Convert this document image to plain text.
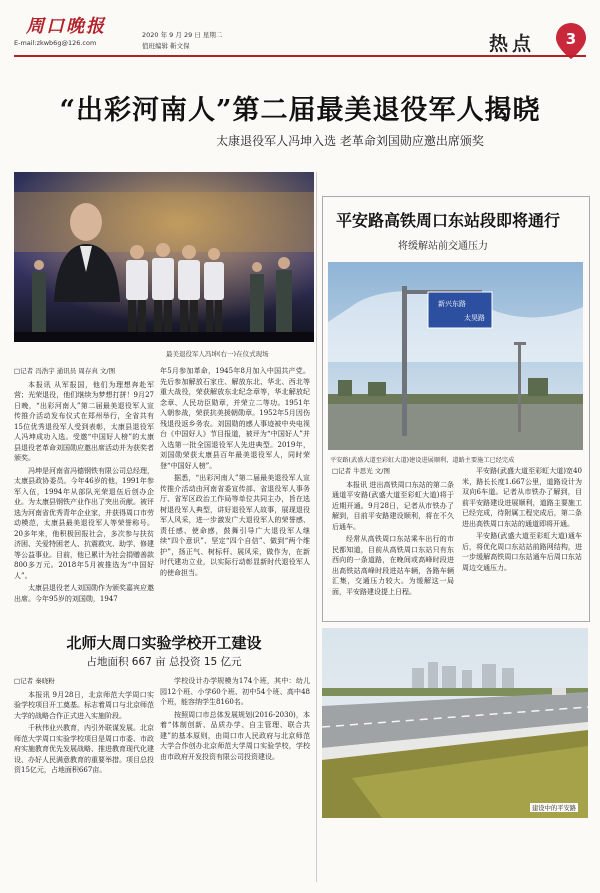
周口晚报
E-mail:zkwb6g@126.com
2020 年 9 月 29 日 星期二
值班编辑 靳文保	热点 3
“出彩河南人”第二届最美退役军人揭晓
太康退役军人冯坤入选 老革命刘国勋应邀出席颁奖
最美退役军人冯坤(右一)在仪式现场
□记者 冯浩宇 通讯员 周存真 文/图

本报讯 从军报国，他们为理想奔赴军营；光荣退役，他们继续为梦想打拼！9月27日晚，“出彩河南人”第二届最美退役军人宣传推介活动发布仪式在郑州举行，全省共有15位优秀退役军人受到表彰，太康县退役军人冯坤成功入选。受邀“中国好人榜”的太康县退役老革命刘国勋应邀出席活动并为获奖者颁奖。

冯坤是河南省冯德钢铁有限公司总经理，太康县政协委员。今年46岁的他，1991年参军入伍，1994年从部队光荣退伍后创办企业。为太康县钢铁产业作出了突出贡献。被评选为河南省优秀青年企业家，并获得周口市劳动模范，太康县最美退役军人等荣誉称号。20多年来，他积极回报社会，多次参与扶贫济困、关爱特困老人、抗震救灾、助学、修建等公益事业。目前，他已累计为社会捐赠善款800多万元。2018年5月被推选为“中国好人”。

太康县退役老人刘国勋作为颁奖嘉宾应邀出席。今年95岁的刘国勋，1947

年5月参加革命，1945年8月加入中国共产党。先后参加解放石家庄、解放东北、华北、西北等重大战役，荣获解放东北纪念章等，华北解放纪念章、人民功臣勋章，并荣立二等功。1951年入朝参战，荣获抗美援朝勋章。1952年5月因伤残退役返乡务农。刘国勋的感人事迹被中央电视台《中国好人》节目报道，被评为“中国好人”并入选第一批全国退役军人先进典型。2019年，刘国勋荣获太康县百年最美退役军人，同时荣登“中国好人榜”。

据悉，“出彩河南人”第二届最美退役军人宣传推介活动由河南省委宣传部、省退役军人事务厅、省军区政治工作局等单位共同主办，旨在选树退役军人典型，讲好退役军人故事，展现退役军人风采，进一步激发广大退役军人的荣誉感、责任感、使命感，鼓舞引导广大退役军人继续“四个意识”、坚定“四个自信”、做到“两个维护”，扬正气、树标杆、展风采，做作为，在新时代建功立业，以实际行动彰显新时代退役军人的使命担当。

平安路高铁周口东站段即将通行
将缓解站前交通压力
新兴东路
太昊路
平安路(武盛大道至彩虹大道)建设进展顺利，道路主要施工已经完成
□记者 牛思光 文/图

本报讯 进出高铁周口东站的第二条通道平安路(武盛大道至彩虹大道)将于近期开通。9月28日，记者从市铁办了解到，目前平安路建设顺利，将在不久后通车。

经常从高铁周口东站乘车出行的市民都知道，目前从高铁周口东站只有东西向的一条道路，在晚间或高峰时段进出高铁站高峰时段进站车辆，各路车辆汇集，交通压力较大。为缓解这一局面，平安路建设提上日程。

平安路(武盛大道至彩虹大道)宽40米，路长长度1.667公里，道路设计为双向6车道。记者从市铁办了解到，目前平安路建设进展顺利，道路主要施工已经完成，待附属工程完成后，第二条进出高铁周口东站的通道即将开通。

平安路(武盛大道至彩虹大道)通车后，将优化周口东站站前路网结构，进一步缓解高铁周口东站通车后周口东站周边交通压力。

北师大周口实验学校开工建设
占地面积 667 亩 总投资 15 亿元
□记者 秦晓粉

本报讯 9月28日，北京师范大学周口实验学校项目开工奠基。标志着周口与北京师范大学的战略合作正式进入实施阶段。

千秋伟业兴教育，内引外联谋发展。北京师范大学周口实验学校项目是周口市委、市政府实施教育优先发展战略、推进教育现代化建设、办好人民满意教育的重要举措。项目总投资15亿元，占地面积667亩。

学校设计办学规模为174个班，其中：幼儿园12个班、小学60个班、初中54个班、高中48个班，能容纳学生8160名。

按照周口市总体发展规划(2016-2030)，本着“体制创新、品质办学、自主管理、联合共建”的基本原则，由周口市人民政府与北京师范大学合作创办北京师范大学周口实验学校，学校由市政府开发投资有限公司投资建设。

建设中的平安路
